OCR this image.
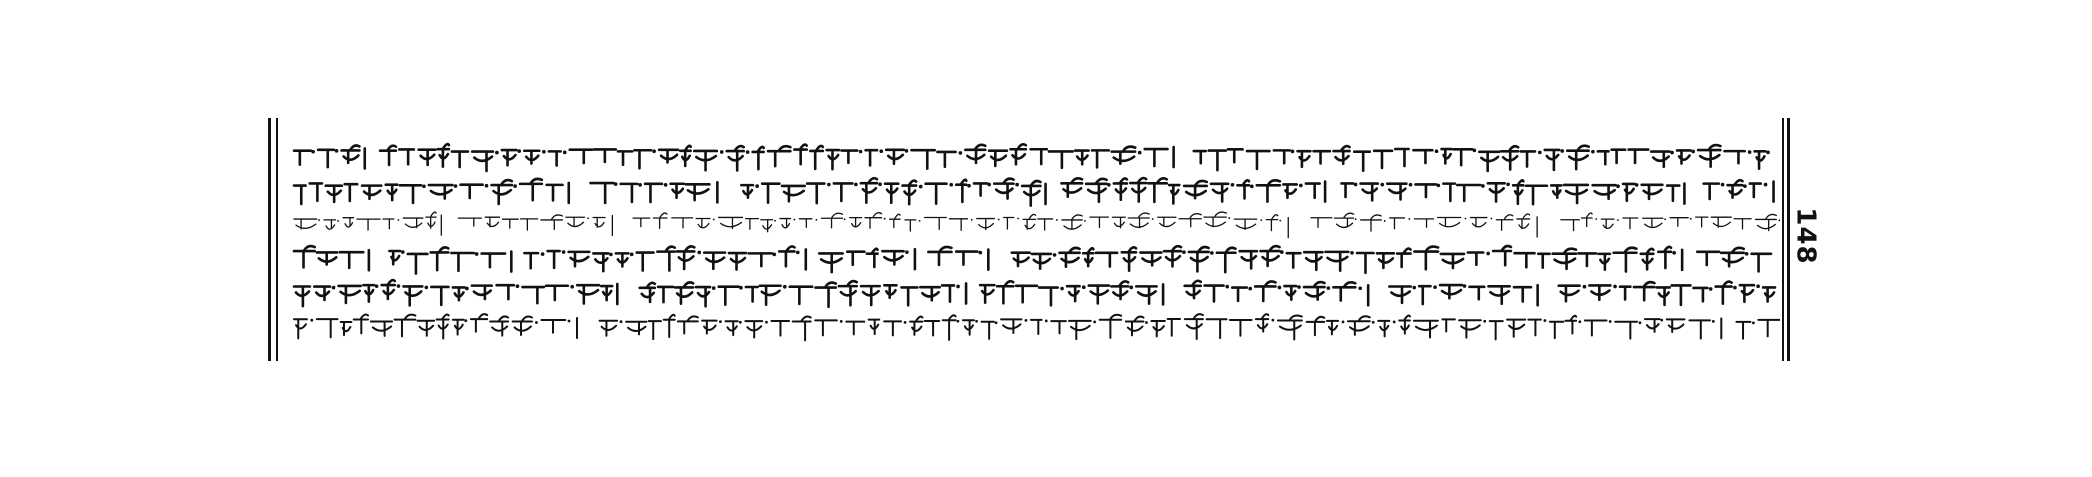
148
